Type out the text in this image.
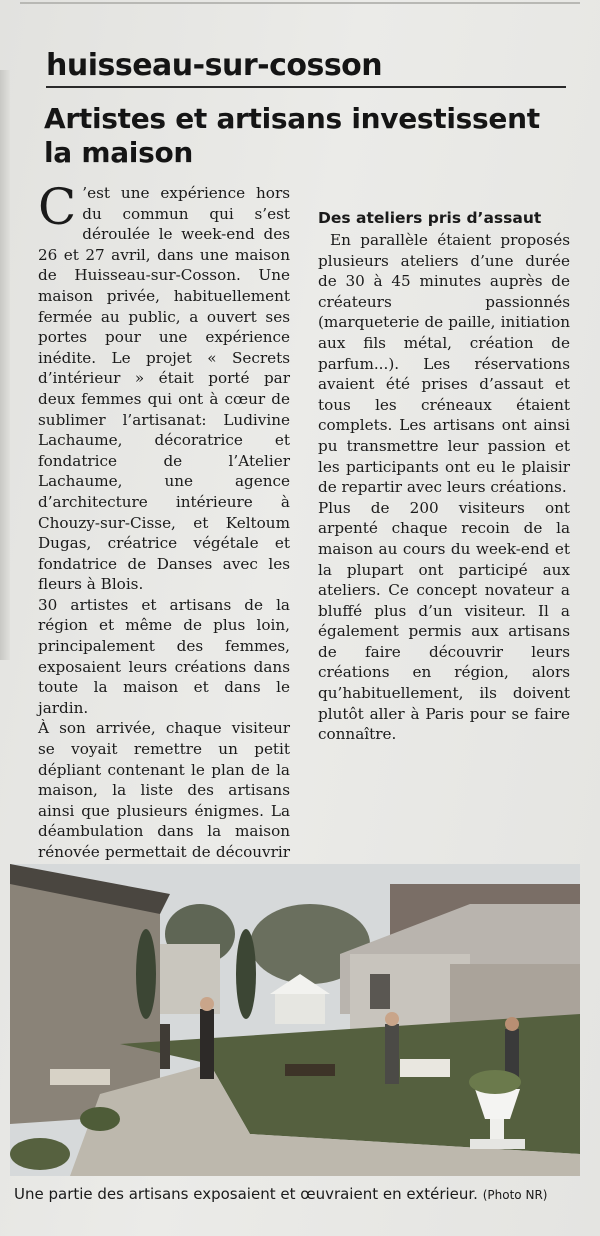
huisseau-sur-cosson
Artistes et artisans investissent la maison

C ’est une expérience hors du commun qui s’est déroulée le week-end des 26 et 27 avril, dans une maison de Huisseau-sur-Cosson. Une maison privée, habituellement fermée au public, a ouvert ses portes pour une expérience inédite. Le projet « Secrets d’intérieur » était porté par deux femmes qui ont à cœur de sublimer l’artisanat: Ludivine Lachaume, décoratrice et fondatrice de l’Atelier Lachaume, une agence d’architecture intérieure à Chouzy-sur-Cisse, et Keltoum Dugas, créatrice végétale et fondatrice de Danses avec les fleurs à Blois.

30 artistes et artisans de la région et même de plus loin, principalement des femmes, exposaient leurs créations dans toute la maison et dans le jardin.

À son arrivée, chaque visiteur se voyait remettre un petit dépliant contenant le plan de la maison, la liste des artisans ainsi que plusieurs énigmes. La déambulation dans la maison rénovée permettait de découvrir

Des ateliers pris d’assaut

En parallèle étaient proposés plusieurs ateliers d’une durée de 30 à 45 minutes auprès de créateurs passionnés (marqueterie de paille, initiation aux fils métal, création de parfum...). Les réservations avaient été prises d’assaut et tous les créneaux étaient complets. Les artisans ont ainsi pu transmettre leur passion et les participants ont eu le plaisir de repartir avec leurs créations.

Plus de 200 visiteurs ont arpenté chaque recoin de la maison au cours du week-end et la plupart ont participé aux ateliers. Ce concept novateur a bluffé plus d’un visiteur. Il a également permis aux artisans de faire découvrir leurs créations en région, alors qu’habituellement, ils doivent plutôt aller à Paris pour se faire connaître.

Une partie des artisans exposaient et œuvraient en extérieur. (Photo NR)
